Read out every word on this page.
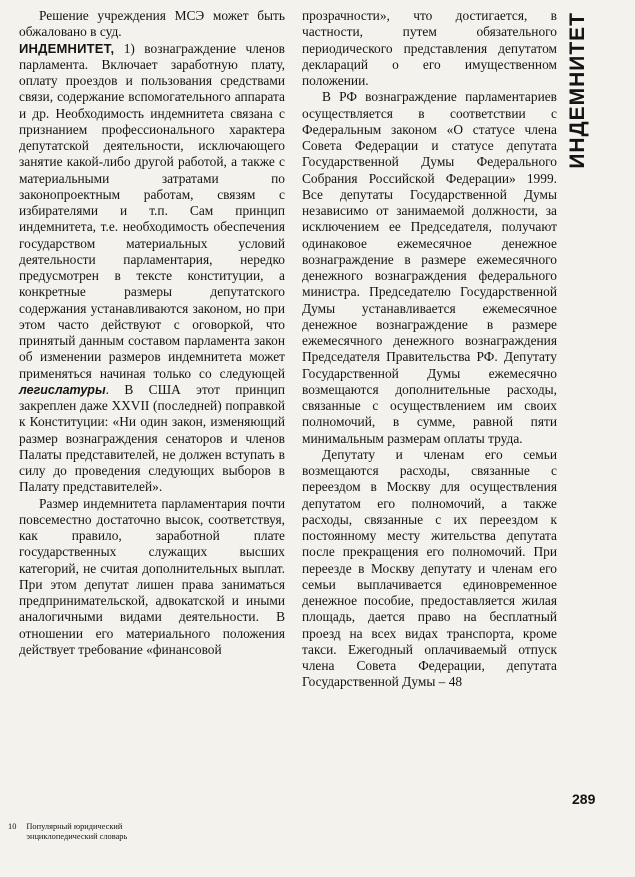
Решение учреждения МСЭ может быть обжаловано в суд.

ИНДЕМНИТЕТ, 1) вознаграждение членов парламента. Включает заработную плату, оплату проездов и пользования средствами связи, содержание вспомогательного аппарата и др. Необходимость индемнитета связана с признанием профессионального характера депутатской деятельности, исключающего занятие какой-либо другой работой, а также с материальными затратами по законопроектным работам, связям с избирателями и т.п. Сам принцип индемнитета, т.е. необходимость обеспечения государством материальных условий деятельности парламентария, нередко предусмотрен в тексте конституции, а конкретные размеры депутатского содержания устанавливаются законом, но при этом часто действуют с оговоркой, что принятый данным составом парламента закон об изменении размеров индемнитета может применяться начиная только со следующей легислатуры. В США этот принцип закреплен даже XXVII (последней) поправкой к Конституции: «Ни один закон, изменяющий размер вознаграждения сенаторов и членов Палаты представителей, не должен вступать в силу до проведения следующих выборов в Палату представителей».

Размер индемнитета парламентария почти повсеместно достаточно высок, соответствуя, как правило, заработной плате государственных служащих высших категорий, не считая дополнительных выплат. При этом депутат лишен права заниматься предпринимательской, адвокатской и иными аналогичными видами деятельности. В отношении его материального положения действует требование «финансовой

прозрачности», что достигается, в частности, путем обязательного периодического представления депутатом деклараций о его имущественном положении.

В РФ вознаграждение парламентариев осуществляется в соответствии с Федеральным законом «О статусе члена Совета Федерации и статусе депутата Государственной Думы Федерального Собрания Российской Федерации» 1999. Все депутаты Государственной Думы независимо от занимаемой должности, за исключением ее Председателя, получают одинаковое ежемесячное денежное вознаграждение в размере ежемесячного денежного вознаграждения федерального министра. Председателю Государственной Думы устанавливается ежемесячное денежное вознаграждение в размере ежемесячного денежного вознаграждения Председателя Правительства РФ. Депутату Государственной Думы ежемесячно возмещаются дополнительные расходы, связанные с осуществлением им своих полномочий, в сумме, равной пяти минимальным размерам оплаты труда.

Депутату и членам его семьи возмещаются расходы, связанные с переездом в Москву для осуществления депутатом его полномочий, а также расходы, связанные с их переездом к постоянному месту жительства депутата после прекращения его полномочий. При переезде в Москву депутату и членам его семьи выплачивается единовременное денежное пособие, предоставляется жилая площадь, дается право на бесплатный проезд на всех видах транспорта, кроме такси. Ежегодный оплачиваемый отпуск члена Совета Федерации, депутата Государственной Думы – 48

ИНДЕМНИТЕТ
289
10 Популярный юридический
энциклопедический словарь
